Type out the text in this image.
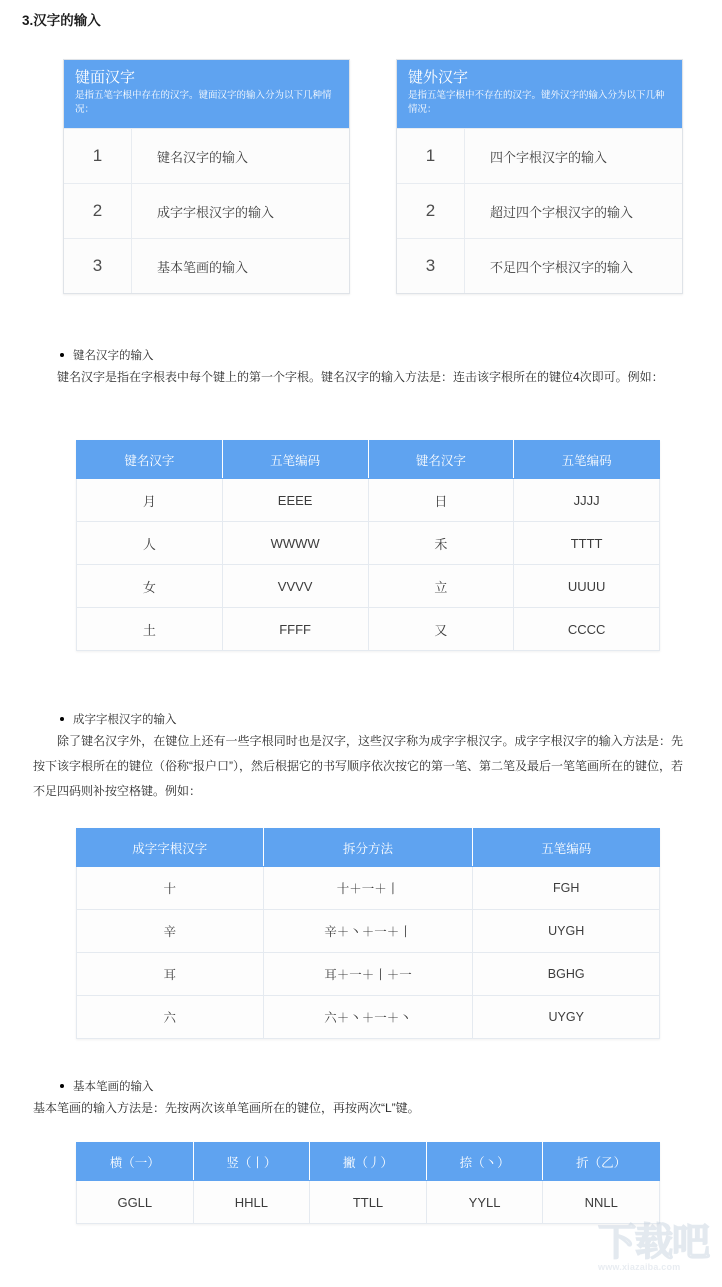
3.汉字的输入
键面汉字
是指五笔字根中存在的汉字。键面汉字的输入分为以下几种情况：
1	键名汉字的输入
2	成字字根汉字的输入
3	基本笔画的输入
键外汉字
是指五笔字根中不存在的汉字。键外汉字的输入分为以下几种情况：
1	四个字根汉字的输入
2	超过四个字根汉字的输入
3	不足四个字根汉字的输入
键名汉字的输入
键名汉字是指在字根表中每个键上的第一个字根。键名汉字的输入方法是：连击该字根所在的键位4次即可。例如：
键名汉字	五笔编码	键名汉字	五笔编码
月	EEEE	日	JJJJ
人	WWWW	禾	TTTT
女	VVVV	立	UUUU
土	FFFF	又	CCCC
成字字根汉字的输入
除了键名汉字外，在键位上还有一些字根同时也是汉字，这些汉字称为成字字根汉字。成字字根汉字的输入方法是：先按下该字根所在的键位（俗称“报户口”），然后根据它的书写顺序依次按它的第一笔、第二笔及最后一笔笔画所在的键位，若不足四码则补按空格键。例如：
成字字根汉字	拆分方法	五笔编码
十	十＋一＋丨	FGH
辛	辛＋丶＋一＋丨	UYGH
耳	耳＋一＋丨＋一	BGHG
六	六＋丶＋一＋丶	UYGY
基本笔画的输入
基本笔画的输入方法是：先按两次该单笔画所在的键位，再按两次“L”键。
横（一）	竖（丨）	撇（丿）	捺（丶）	折（乙）
GGLL	HHLL	TTLL	YYLL	NNLL
下载吧
www.xiazaiba.com
